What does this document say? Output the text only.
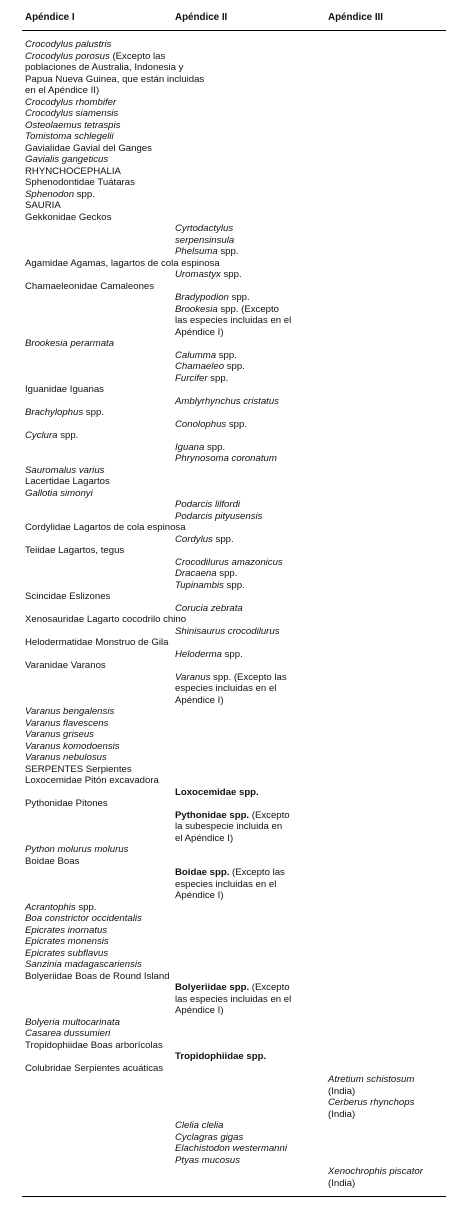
Apéndice I	Apéndice II	Apéndice III
Crocodylus palustris
Crocodylus porosus (Excepto las
poblaciones de Australia, Indonesia y
Papua Nueva Guinea, que están incluidas
en el Apéndice II)
Crocodylus rhombifer
Crocodylus siamensis
Osteolaemus tetraspis
Tomistoma schlegelii
Gavialidae Gavial del Ganges
Gavialis gangeticus
RHYNCHOCEPHALIA
Sphenodontidae Tuátaras
Sphenodon spp.
SAURIA
Gekkonidae Geckos
Cyrtodactylus
serpensinsula
Phelsuma spp.
Agamidae Agamas, lagartos de cola espinosa
Uromastyx spp.
Chamaeleonidae Camaleones
Bradypodion spp.
Brookesia spp. (Excepto
las especies incluidas en el
Apéndice I)
Brookesia perarmata
Calumma spp.
Chamaeleo spp.
Furcifer spp.
Iguanidae Iguanas
Amblyrhynchus cristatus
Brachylophus spp.
Conolophus spp.
Cyclura spp.
Iguana spp.
Phrynosoma coronatum
Sauromalus varius
Lacertidae Lagartos
Gallotia simonyi
Podarcis lilfordi
Podarcis pityusensis
Cordylidae Lagartos de cola espinosa
Cordylus spp.
Teiidae Lagartos, tegus
Crocodilurus amazonicus
Dracaena spp.
Tupinambis spp.
Scincidae Eslizones
Corucia zebrata
Xenosauridae Lagarto cocodrilo chino
Shinisaurus crocodilurus
Helodermatidae Monstruo de Gila
Heloderma spp.
Varanidae Varanos
Varanus spp. (Excepto las
especies incluidas en el
Apéndice I)
Varanus bengalensis
Varanus flavescens
Varanus griseus
Varanus komodoensis
Varanus nebulosus
SERPENTES Serpientes
Loxocemidae Pitón excavadora
Loxocemidae spp.
Pythonidae Pitones
Pythonidae spp. (Excepto
la subespecie incluida en
el Apéndice I)
Python molurus molurus
Boidae Boas
Boidae spp. (Excepto las
especies incluidas en el
Apéndice I)
Acrantophis spp.
Boa constrictor occidentalis
Epicrates inornatus
Epicrates monensis
Epicrates subflavus
Sanzinia madagascariensis
Bolyeriidae Boas de Round Island
Bolyeriidae spp. (Excepto
las especies incluidas en el
Apéndice I)
Bolyeria multocarinata
Casarea dussumieri
Tropidophiidae Boas arborícolas
Tropidophiidae spp.
Colubridae Serpientes acuáticas
Atretium schistosum
(India)
Cerberus rhynchops
(India)
Clelia clelia
Cyclagras gigas
Elachistodon westermanni
Ptyas mucosus
Xenochrophis piscator
(India)
